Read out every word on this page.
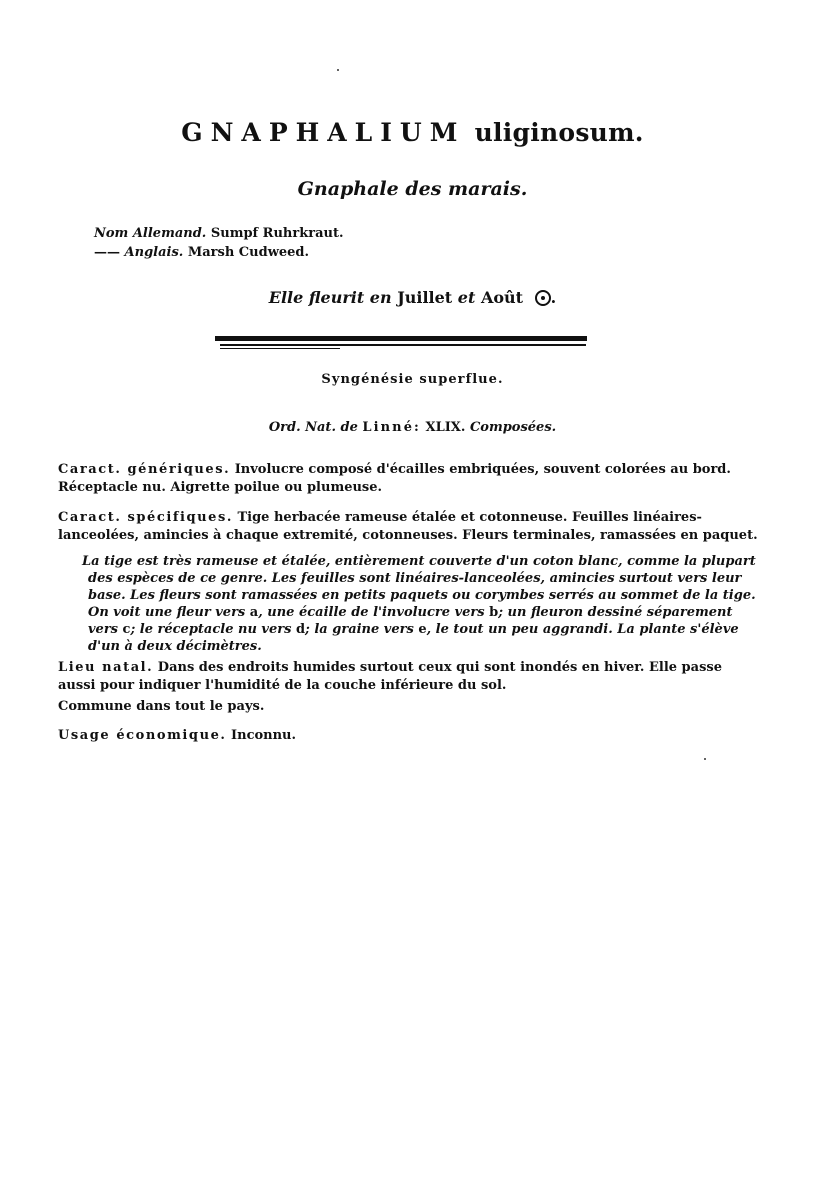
GNAPHALIUM uliginosum.
Gnaphale des marais.
Nom Allemand. Sumpf Ruhrkraut.
—— Anglais. Marsh Cudweed.
Elle fleurit en Juillet et Août .
Syngénésie superflue.
Ord. Nat. de Linné: XLIX. Composées.
Caract. génériques. Involucre composé d'écailles embriquées, souvent colorées au bord. Réceptacle nu. Aigrette poilue ou plumeuse.
Caract. spécifiques. Tige herbacée rameuse étalée et cotonneuse. Feuilles linéaires-lanceolées, amincies à chaque extremité, cotonneuses. Fleurs terminales, ramassées en paquet.
La tige est très rameuse et étalée, entièrement couverte d'un coton blanc, comme la plupart des espèces de ce genre. Les feuilles sont linéaires-lanceolées, amincies surtout vers leur base. Les fleurs sont ramassées en petits paquets ou corymbes serrés au sommet de la tige. On voit une fleur vers a, une écaille de l'involucre vers b; un fleuron dessiné séparement vers c; le réceptacle nu vers d; la graine vers e, le tout un peu aggrandi. La plante s'élève d'un à deux décimètres.
Lieu natal. Dans des endroits humides surtout ceux qui sont inondés en hiver. Elle passe aussi pour indiquer l'humidité de la couche inférieure du sol.
Commune dans tout le pays.
Usage économique. Inconnu.
